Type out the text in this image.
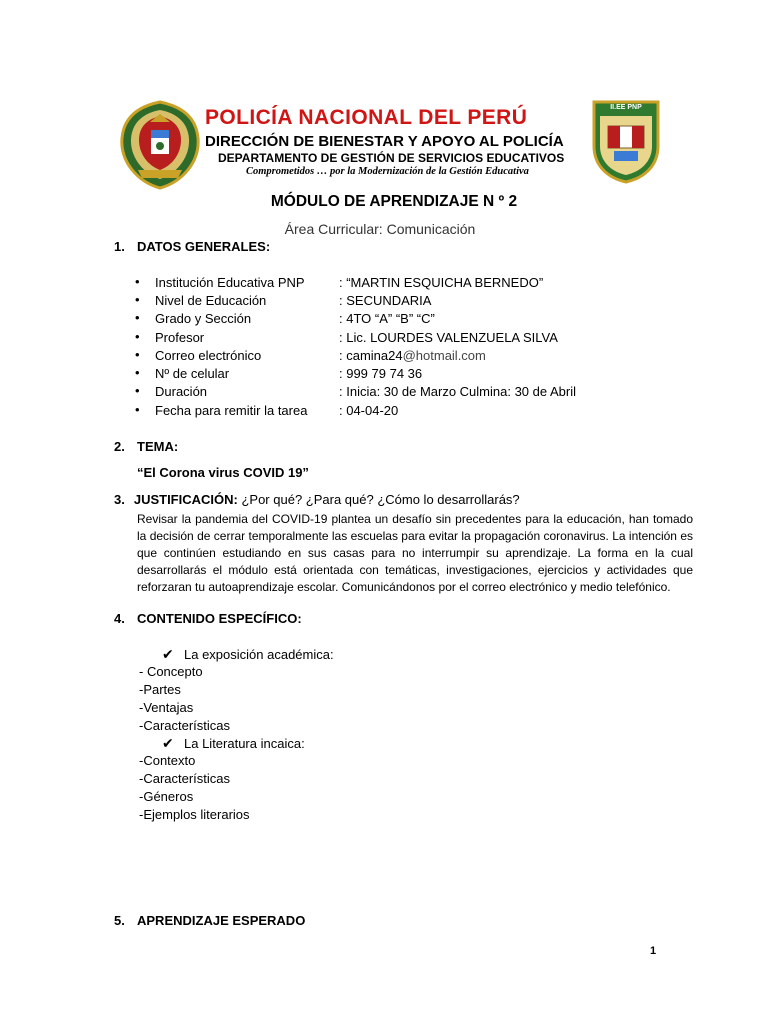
POLICÍA NACIONAL DEL PERÚ
DIRECCIÓN DE BIENESTAR Y APOYO AL POLICÍA
DEPARTAMENTO DE GESTIÓN DE SERVICIOS EDUCATIVOS
Comprometidos … por la Modernización de la Gestión Educativa
II.EE PNP
MÓDULO DE APRENDIZAJE N º 2
Área Curricular: Comunicación
1. DATOS GENERALES:
• Institución Educativa PNP	: “MARTIN ESQUICHA BERNEDO”
• Nivel de Educación	: SECUNDARIA
• Grado y Sección	: 4TO “A” “B” “C”
• Profesor	: Lic. LOURDES VALENZUELA SILVA
• Correo electrónico	: camina24@hotmail.com
• Nº de celular	: 999 79 74 36
• Duración	: Inicia: 30 de Marzo Culmina: 30 de Abril
• Fecha para remitir la tarea : 04-04-20
2. TEMA:
“El Corona virus COVID 19”
3. JUSTIFICACIÓN: ¿Por qué? ¿Para qué? ¿Cómo lo desarrollarás?
Revisar la pandemia del COVID-19 plantea un desafío sin precedentes para la educación, han tomado la decisión de cerrar temporalmente las escuelas para evitar la propagación coronavirus. La intención es que continúen estudiando en sus casas para no interrumpir su aprendizaje. La forma en la cual desarrollarás el módulo está orientada con temáticas, investigaciones, ejercicios y actividades que reforzaran tu autoaprendizaje escolar. Comunicándonos por el correo electrónico y medio telefónico.
4. CONTENIDO ESPECÍFICO:
✔ La exposición académica:
- Concepto
-Partes
-Ventajas
-Características
✔ La Literatura incaica:
-Contexto
-Características
-Géneros
-Ejemplos literarios
5. APRENDIZAJE ESPERADO
1
